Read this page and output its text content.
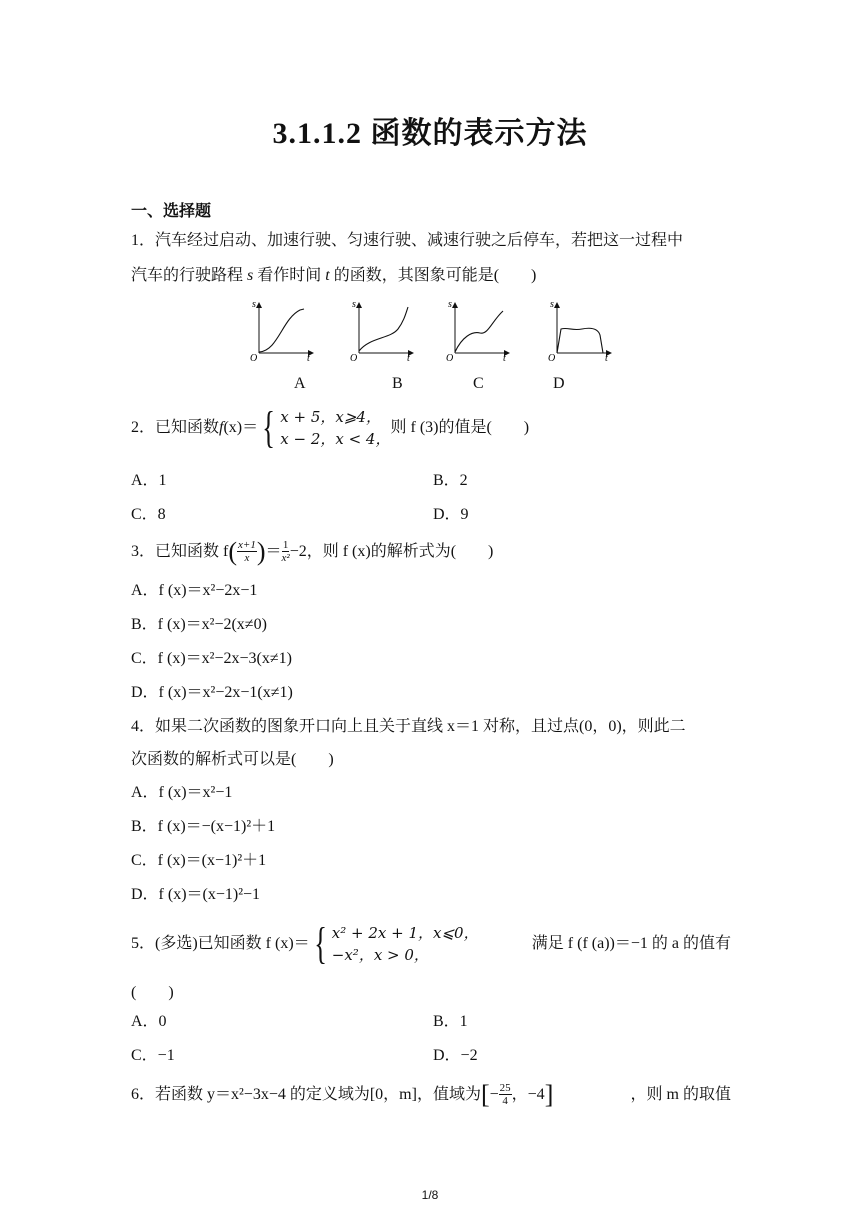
3.1.1.2 函数的表示方法
一、选择题
1．汽车经过启动、加速行驶、匀速行驶、减速行驶之后停车，若把这一过程中
汽车的行驶路程 s 看作时间 t 的函数，其图象可能是(　　)
s
O	t
s
O	t
s
O	t
s
O	t
A	B	C	D
2．已知函数 f (x)＝ { x + 5，x⩾4，
x − 2，x < 4，
则 f (3)的值是(　　)
A．1	B．2
C．8	D．9
3．已知函数 f ( $\frac{x+1}{x}$ ) ＝ $\frac{1}{\text{x²}} -2$，则 f (x)的解析式为(　　)
A．f (x)＝x²−2x−1
B．f (x)＝x²−2(x≠0)
C．f (x)＝x²−2x−3(x≠1)
D．f (x)＝x²−2x−1(x≠1)
4．如果二次函数的图象开口向上且关于直线 x＝1 对称，且过点(0，0)，则此二
次函数的解析式可以是(　　)
A．f (x)＝x²−1
B．f (x)＝−(x−1)²＋1
C．f (x)＝(x−1)²＋1
D．f (x)＝(x−1)²−1
5．(多选)已知函数 f (x)＝ { x² + 2x + 1，x⩽0，
−x²，x > 0，
满足 f (f (a))＝−1 的 a 的值有
(　　)
A．0	B．1
C．−1	D．−2
6．若函数 y＝x²−3x−4 的定义域为[0，m]，值域为 [ − $\frac{25}{4}$ ，−4 ]	，则 m 的取值
1/8
